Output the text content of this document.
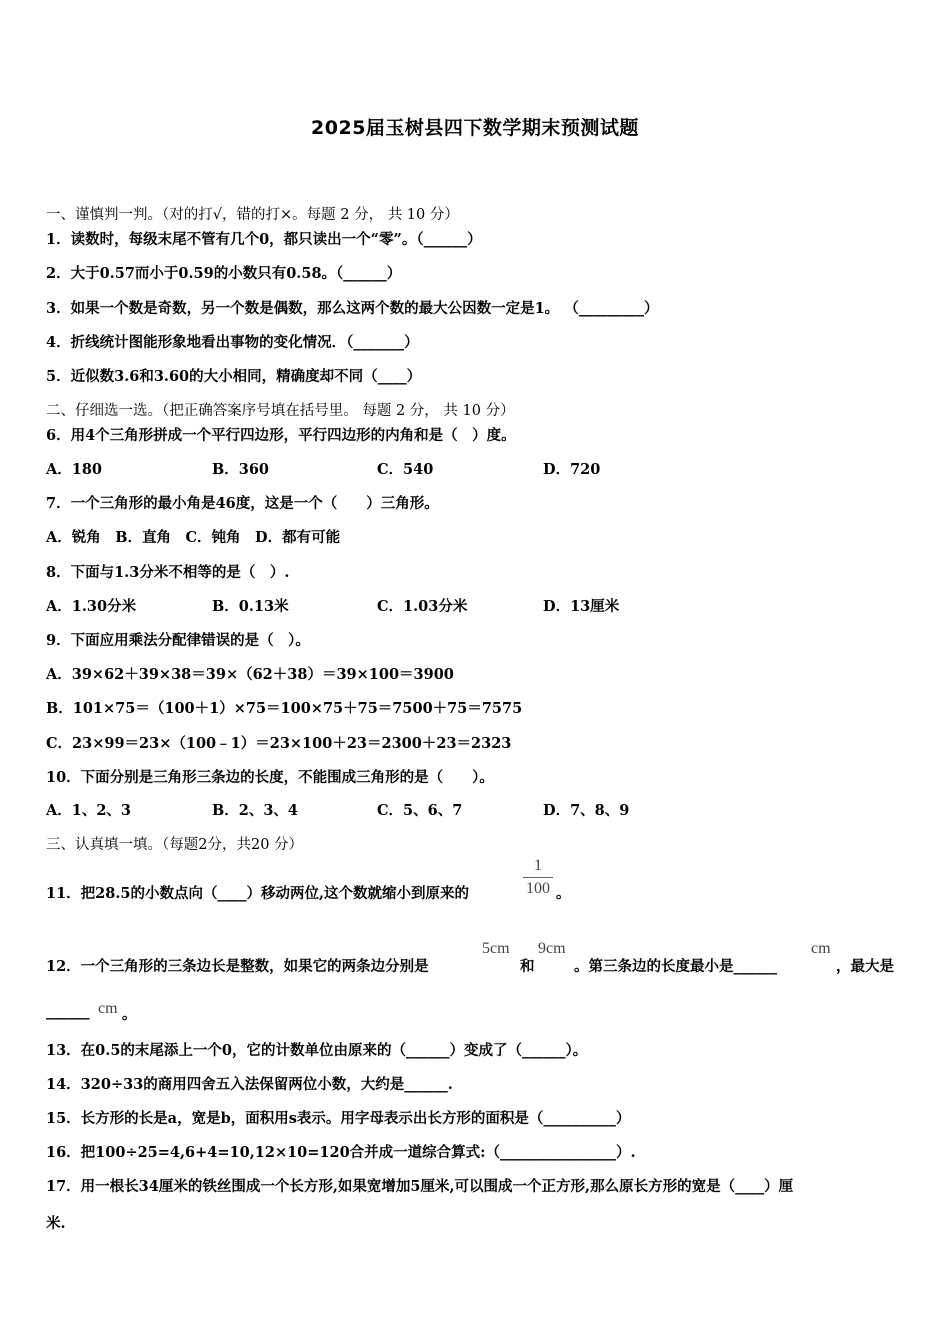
2025届玉树县四下数学期末预测试题
一、谨慎判一判。（对的打√，错的打×。每题 2 分， 共 10 分）
1．读数时，每级末尾不管有几个0，都只读出一个“零”。（______）
2．大于0.57而小于0.59的小数只有0.58。（______）
3．如果一个数是奇数，另一个数是偶数，那么这两个数的最大公因数一定是1。 （_________）
4．折线统计图能形象地看出事物的变化情况．（_______）
5．近似数3.6和3.60的大小相同，精确度却不同（____）
二、仔细选一选。（把正确答案序号填在括号里。 每题 2 分， 共 10 分）
6．用4个三角形拼成一个平行四边形，平行四边形的内角和是（　）度。
A．180	B．360	C．540	D．720
7．一个三角形的最小角是46度，这是一个（　　）三角形。
A．锐角　B．直角　C．钝角　D．都有可能
8．下面与1.3分米不相等的是（　）.
A．1.30分米	B．0.13米	C．1.03分米	D．13厘米
9．下面应用乘法分配律错误的是（　）。
A．39×62＋39×38＝39×（62＋38）＝39×100＝3900
B．101×75＝（100＋1）×75＝100×75＋75＝7500＋75＝7575
C．23×99＝23×（100﹣1）＝23×100＋23＝2300＋23＝2323
10．下面分别是三角形三条边的长度，不能围成三角形的是（　　）。
A．1、2、3	B．2、3、4	C．5、6、7	D．7、8、9
三、认真填一填。（每题2分，共20 分）
11．把28.5的小数点向（____）移动两位,这个数就缩小到原来的
1
100 。
12．一个三角形的三条边长是整数，如果它的两条边分别是
5cm
和
9cm
。第三条边的长度最小是______
cm
，最大是
______ cm 。
13．在0.5的末尾添上一个0，它的计数单位由原来的（______）变成了（______）。
14．320÷33的商用四舍五入法保留两位小数，大约是______.
15．长方形的长是a，宽是b，面积用s表示。用字母表示出长方形的面积是（__________）
16．把100÷25=4,6+4=10,12×10=120合并成一道综合算式:（________________）.
17．用一根长34厘米的铁丝围成一个长方形,如果宽增加5厘米,可以围成一个正方形,那么原长方形的宽是（____）厘
米.
